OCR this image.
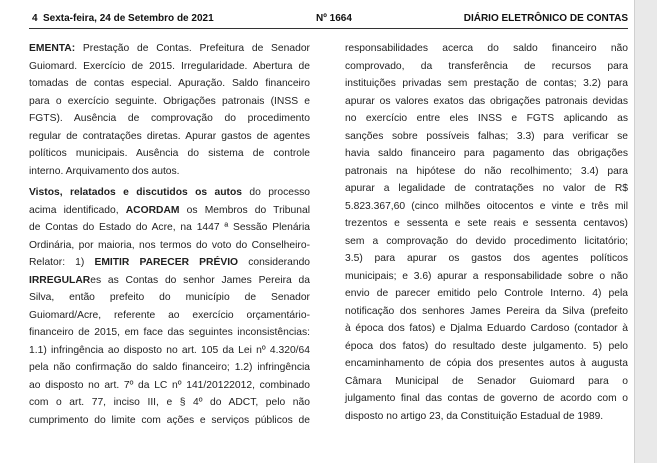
4 Sexta-feira, 24 de Setembro de 2021	Nº 1664	DIÁRIO ELETRÔNICO DE CONTAS
EMENTA: Prestação de Contas. Prefeitura de Senador
Guiomard. Exercício de 2015. Irregularidade. Abertura de
tomadas de contas especial. Apuração. Saldo financeiro
para o exercício seguinte. Obrigações patronais (INSS e
FGTS). Ausência de comprovação do procedimento
regular de contratações diretas. Apurar gastos de agentes
políticos municipais. Ausência do sistema de controle
interno. Arquivamento dos autos.
Vistos, relatados e discutidos os autos do processo
acima identificado, ACORDAM os Membros do Tribunal
de Contas do Estado do Acre, na 1447 ª Sessão Plenária
Ordinária, por maioria, nos termos do voto do Conselheiro-
Relator: 1) EMITIR PARECER PRÉVIO considerando
IRREGULARes as Contas do senhor James Pereira da
Silva, então prefeito do município de Senador
Guiomard/Acre, referente ao exercício orçamentário-
financeiro de 2015, em face das seguintes inconsistências:
1.1) infringência ao disposto no art. 105 da Lei nº 4.320/64
pela não confirmação do saldo financeiro; 1.2) infringência
ao disposto no art. 7º da LC nº 141/20122012, combinado
com o art. 77, inciso III, e § 4º do ADCT, pelo não
cumprimento do limite com ações e serviços públicos de
responsabilidades acerca do saldo financeiro não
comprovado, da transferência de recursos para
instituições privadas sem prestação de contas; 3.2) para
apurar os valores exatos das obrigações patronais devidas
no exercício entre eles INSS e FGTS aplicando as
sanções sobre possíveis falhas; 3.3) para verificar se
havia saldo financeiro para pagamento das obrigações
patronais na hipótese do não recolhimento; 3.4) para
apurar a legalidade de contratações no valor de R$
5.823.367,60 (cinco milhões oitocentos e vinte e três mil
trezentos e sessenta e sete reais e sessenta centavos)
sem a comprovação do devido procedimento licitatório;
3.5) para apurar os gastos dos agentes políticos
municipais; e 3.6) apurar a responsabilidade sobre o não
envio de parecer emitido pelo Controle Interno. 4) pela
notificação dos senhores James Pereira da Silva (prefeito
à época dos fatos) e Djalma Eduardo Cardoso (contador à
época dos fatos) do resultado deste julgamento. 5) pelo
encaminhamento de cópia dos presentes autos à augusta
Câmara Municipal de Senador Guiomard para o
julgamento final das contas de governo de acordo com o
disposto no artigo 23, da Constituição Estadual de 1989.
